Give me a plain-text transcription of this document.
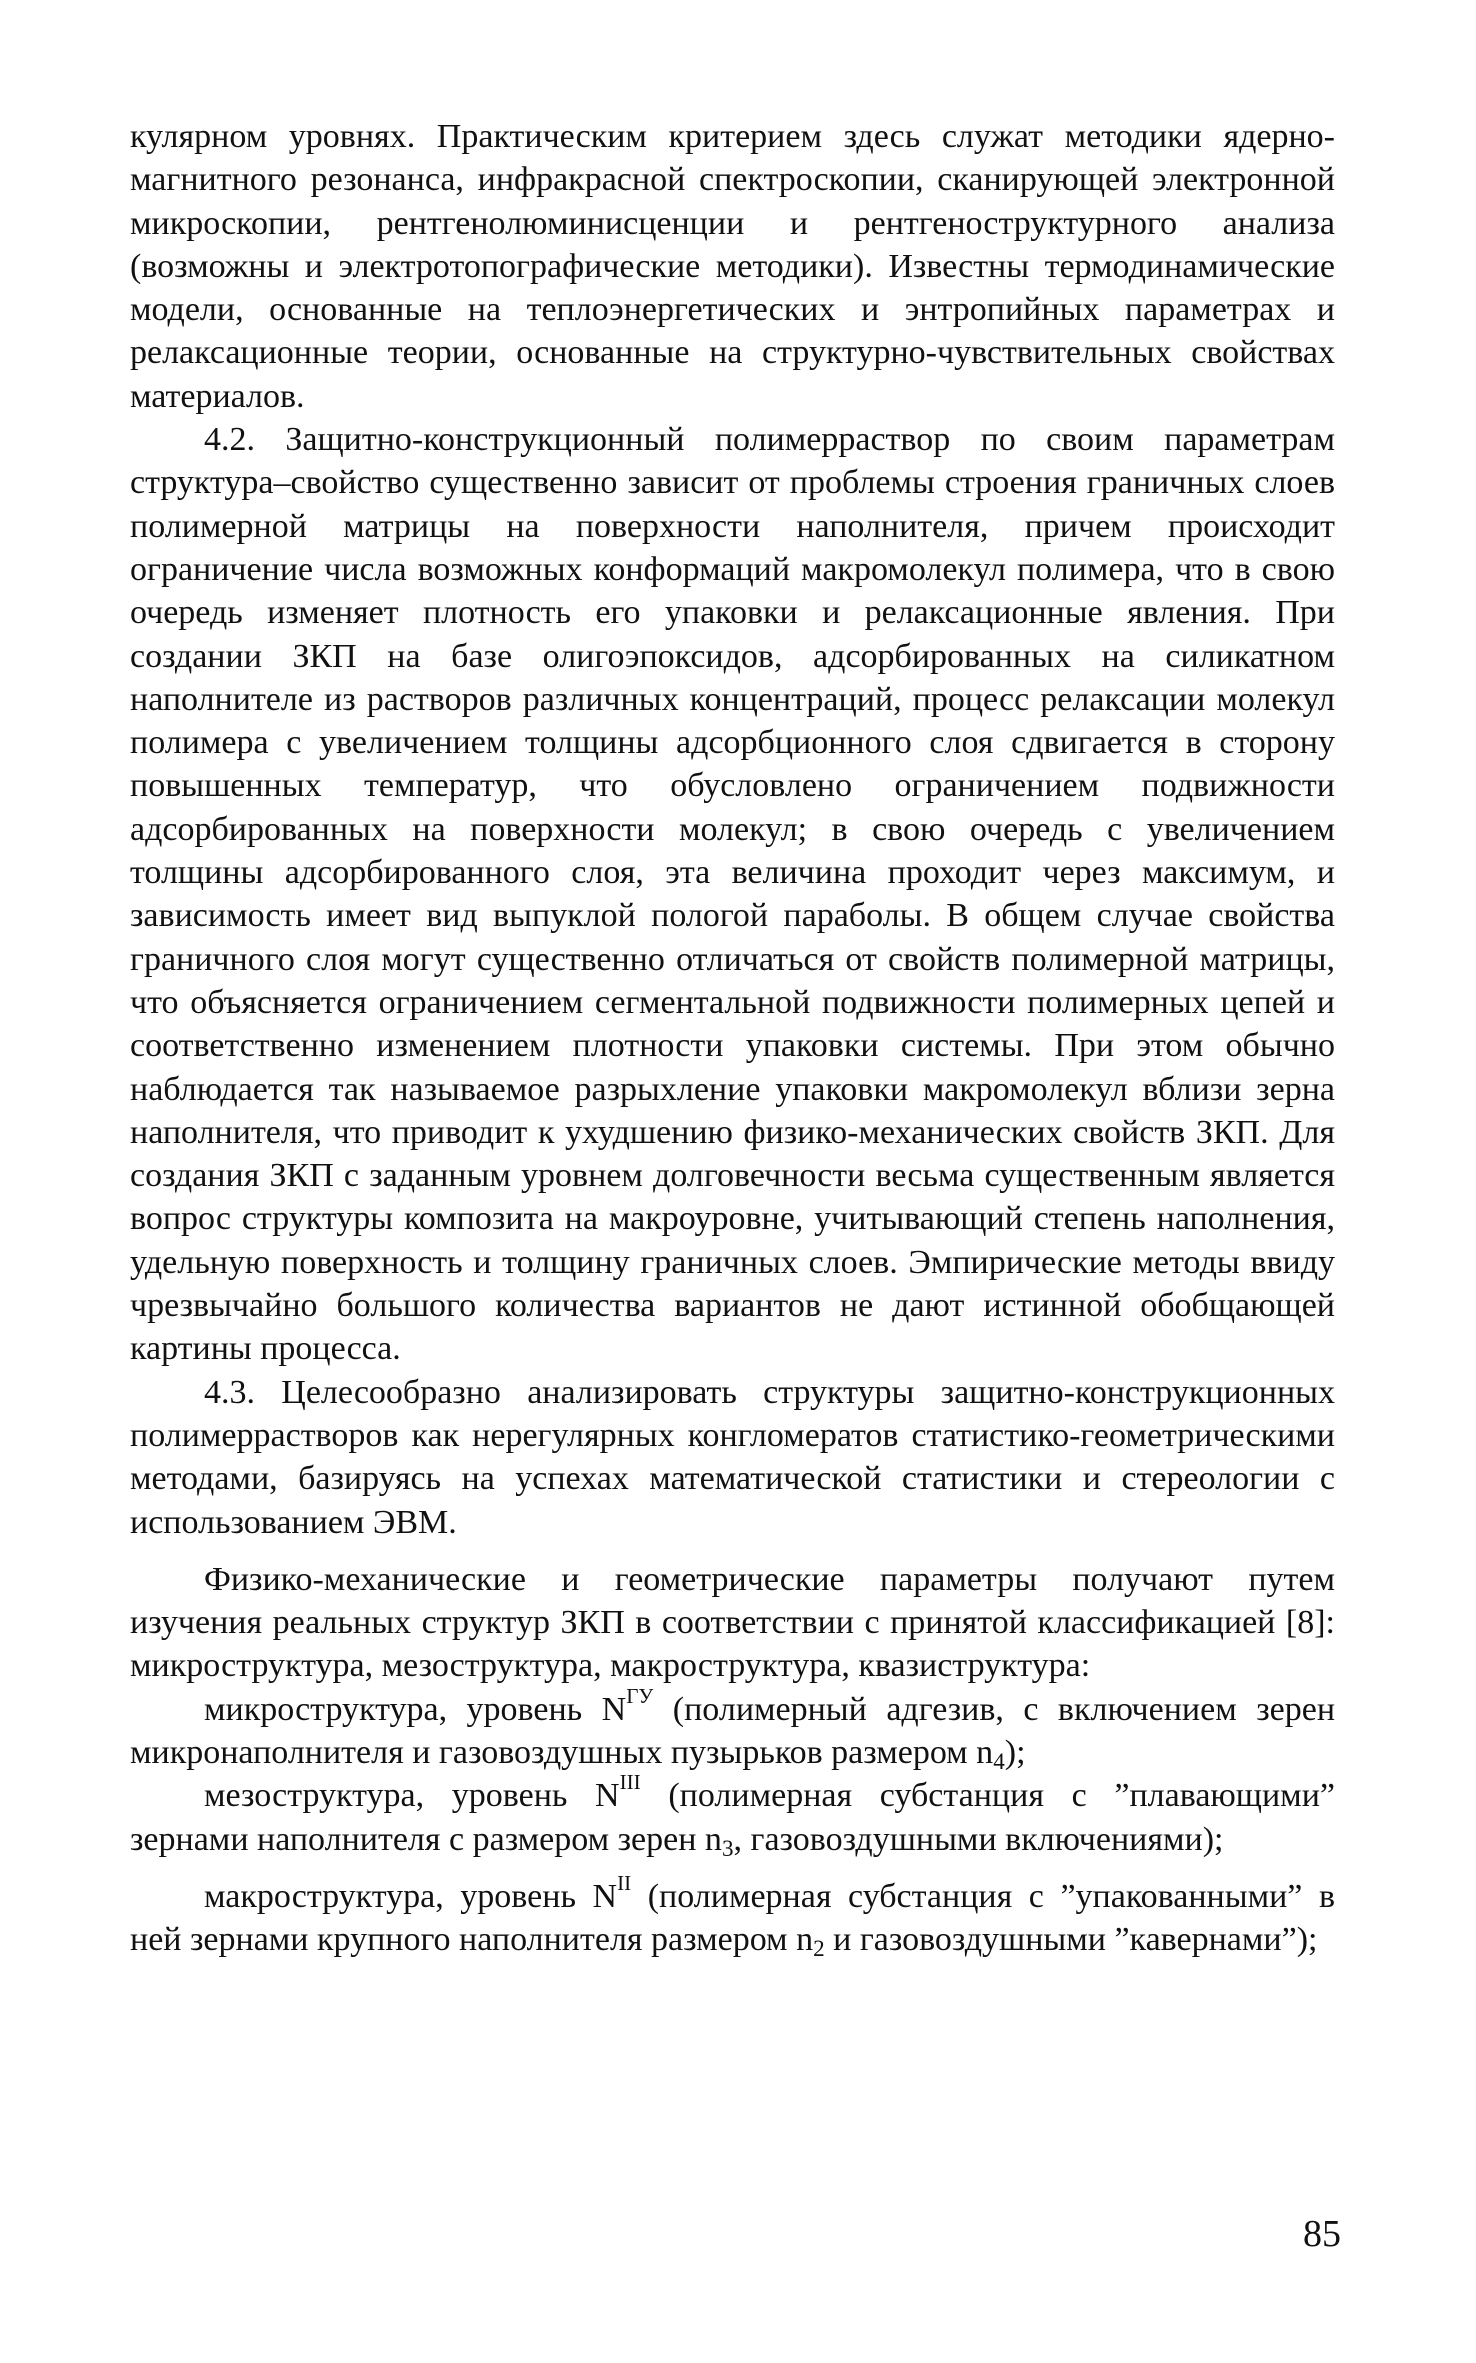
кулярном уровнях. Практическим критерием здесь служат методики ядерно-магнитного резонанса, инфракрасной спектроскопии, сканирующей электронной микроскопии, рентгенолюминисценции и рентгеноструктурного анализа (возможны и электротопографические методики). Известны термодинамические модели, основанные на теплоэнергетических и энтропийных параметрах и релаксационные теории, основанные на структурно-чувствительных свойствах материалов.

4.2. Защитно-конструкционный полимерраствор по своим параметрам структура–свойство существенно зависит от проблемы строения граничных слоев полимерной матрицы на поверхности наполнителя, причем происходит ограничение числа возможных конформаций макромолекул полимера, что в свою очередь изменяет плотность его упаковки и релаксационные явления. При создании ЗКП на базе олигоэпоксидов, адсорбированных на силикатном наполнителе из растворов различных концентраций, процесс релаксации молекул полимера с увеличением толщины адсорбционного слоя сдвигается в сторону повышенных температур, что обусловлено ограничением подвижности адсорбированных на поверхности молекул; в свою очередь с увеличением толщины адсорбированного слоя, эта величина проходит через максимум, и зависимость имеет вид выпуклой пологой параболы. В общем случае свойства граничного слоя могут существенно отличаться от свойств полимерной матрицы, что объясняется ограничением сегментальной подвижности полимерных цепей и соответственно изменением плотности упаковки системы. При этом обычно наблюдается так называемое разрыхление упаковки макромолекул вблизи зерна наполнителя, что приводит к ухудшению физико-механических свойств ЗКП. Для создания ЗКП с заданным уровнем долговечности весьма существенным является вопрос структуры композита на макроуровне, учитывающий степень наполнения, удельную поверхность и толщину граничных слоев. Эмпирические методы ввиду чрезвычайно большого количества вариантов не дают истинной обобщающей картины процесса.

4.3. Целесообразно анализировать структуры защитно-конструкционных полимеррастворов как нерегулярных конгломератов статистико-геометрическими методами, базируясь на успехах математической статистики и стереологии с использованием ЭВМ.

Физико-механические и геометрические параметры получают путем изучения реальных структур ЗКП в соответствии с принятой классификацией [8]: микроструктура, мезоструктура, макроструктура, квазиструктура:

микроструктура, уровень $N^{ГУ}$ (полимерный адгезив, с включением зерен микронаполнителя и газовоздушных пузырьков размером $n_4$);

мезоструктура, уровень $N^{III}$ (полимерная субстанция с ”плавающими” зернами наполнителя с размером зерен $n_3$, газовоздушными включениями);

макроструктура, уровень $N^{II}$ (полимерная субстанция с ”упакованными” в ней зернами крупного наполнителя размером $n_2$ и газовоздушными ”кавернами”);

85
